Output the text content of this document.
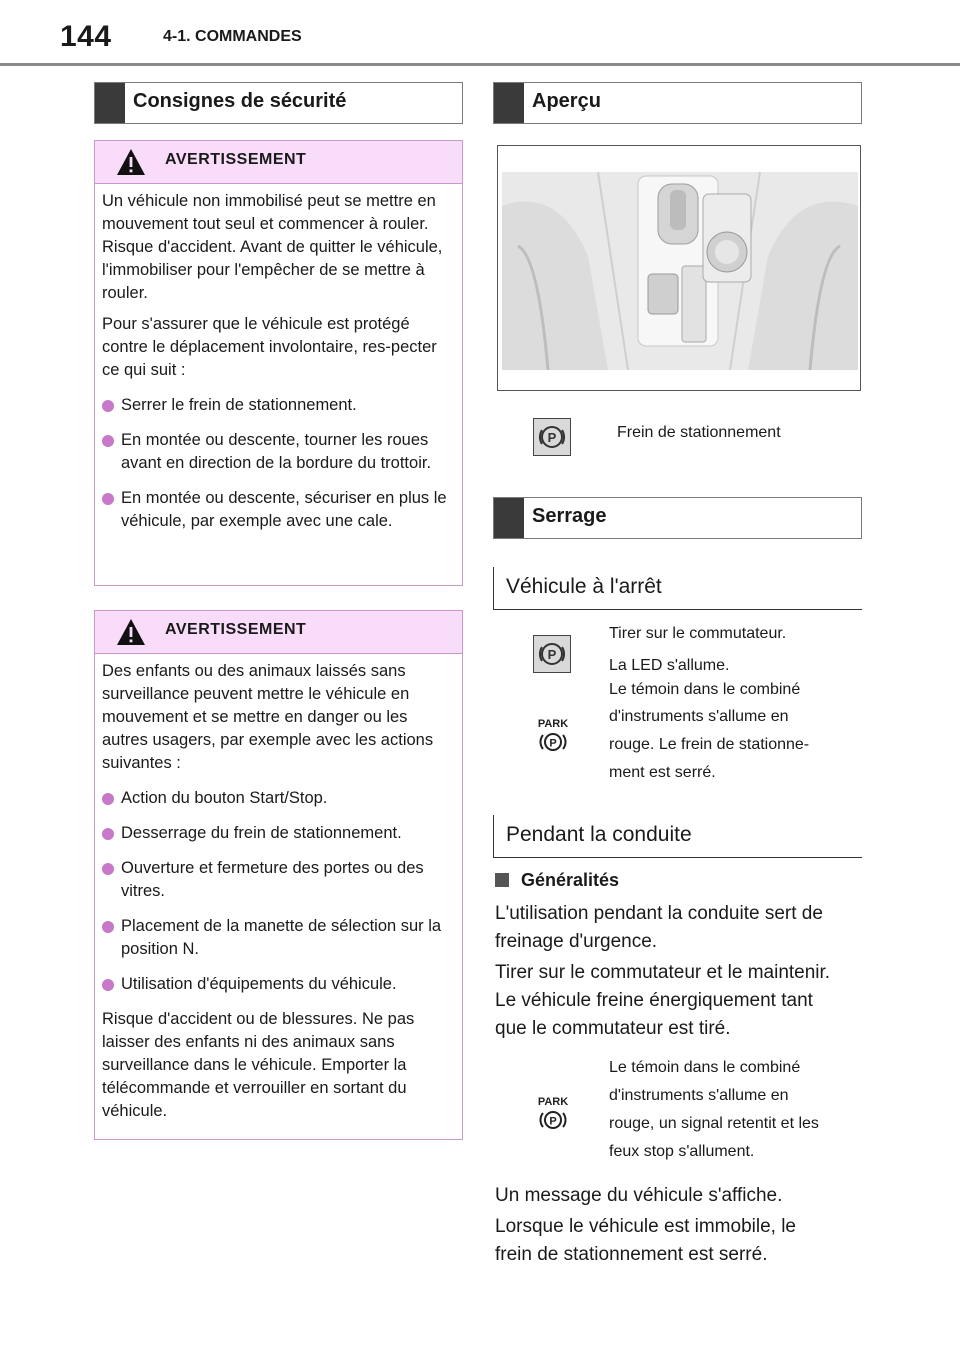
144	4-1. COMMANDES
Consignes de sécurité
AVERTISSEMENT

Un véhicule non immobilisé peut se mettre en mouvement tout seul et commencer à rouler. Risque d'accident. Avant de quitter le véhicule, l'immobiliser pour l'empêcher de se mettre à rouler.

Pour s'assurer que le véhicule est protégé contre le déplacement involontaire, res-pecter ce qui suit :

Serrer le frein de stationnement.
En montée ou descente, tourner les roues avant en direction de la bordure du trottoir.
En montée ou descente, sécuriser en plus le véhicule, par exemple avec une cale.
AVERTISSEMENT

Des enfants ou des animaux laissés sans surveillance peuvent mettre le véhicule en mouvement et se mettre en danger ou les autres usagers, par exemple avec les actions suivantes :

Action du bouton Start/Stop.
Desserrage du frein de stationnement.
Ouverture et fermeture des portes ou des vitres.
Placement de la manette de sélection sur la position N.
Utilisation d'équipements du véhicule.

Risque d'accident ou de blessures. Ne pas laisser des enfants ni des animaux sans surveillance dans le véhicule. Emporter la télécommande et verrouiller en sortant du véhicule.

Aperçu
P	Frein de stationnement
Serrage
Véhicule à l'arrêt
P
Tirer sur le commutateur.
La LED s'allume.
Le témoin dans le combiné
d'instruments s'allume en
rouge. Le frein de stationne-
ment est serré.
PARK
P
Pendant la conduite
Généralités
L'utilisation pendant la conduite sert de
freinage d'urgence.
Tirer sur le commutateur et le maintenir.
Le véhicule freine énergiquement tant
que le commutateur est tiré.
PARK
P
Le témoin dans le combiné
d'instruments s'allume en
rouge, un signal retentit et les
feux stop s'allument.
Un message du véhicule s'affiche.
Lorsque le véhicule est immobile, le
frein de stationnement est serré.
